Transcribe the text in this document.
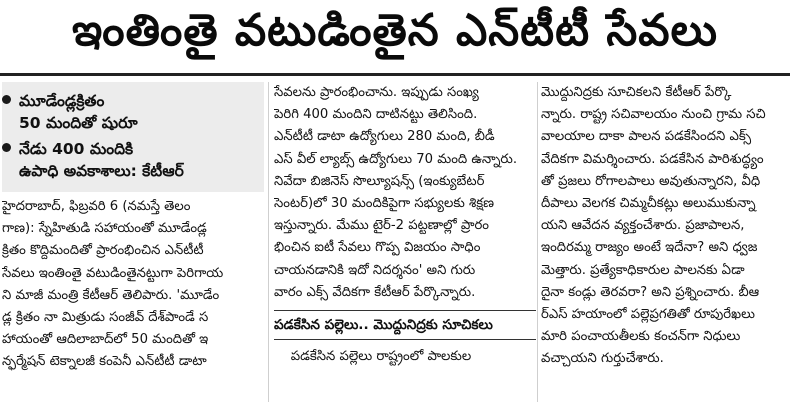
ఇంతింతై వటుడింతైన ఎన్‌టీటీ సేవలు
మూడేండ్లక్రితం
50 మందితో షురూ
నేడు 400 మందికి
ఉపాధి అవకాశాలు: కేటీఆర్
హైదరాబాద్, ఫిబ్రవరి 6 (నమస్తే తెలం
గాణ): స్నేహితుడి సహాయంతో మూడేండ్ల
క్రితం కొద్దిమందితో ప్రారంభించిన ఎన్‌టీటీ
సేవలు ఇంతింతై వటుడింతైనట్టుగా పెరిగాయ
ని మాజీ మంత్రి కేటీఆర్ తెలిపారు. 'మూడేం
డ్ల క్రితం నా మిత్రుడు సంజీవ్ దేశ్‌పాండే స
హాయంతో ఆదిలాబాద్‌లో 50 మందితో ఇ
న్ఫర్మేషన్ టెక్నాలజీ కంపెనీ ఎన్‌టీటీ డాటా
సేవలను ప్రారంభించాను. ఇప్పుడు సంఖ్య
పెరిగి 400 మందిని దాటినట్టు తెలిసింది.
ఎన్‌టీటీ డాటా ఉద్యోగులు 280 మంది, బీడీ
ఎస్‌ వీల్ ల్యాబ్స్ ఉద్యోగులు 70 మంది ఉన్నారు.
నివేదా బిజినెస్ సొల్యూషన్స్ (ఇంక్యుబేటర్
సెంటర్)లో 30 మందికిపైగా సభ్యులకు శిక్షణ
ఇస్తున్నారు. మేము టైర్-2 పట్టణాల్లో ప్రారం
భించిన ఐటీ సేవలు గొప్ప విజయం సాధిం
చాయనడానికి ఇదో నిదర్శనం' అని గురు
వారం ఎక్స్ వేదికగా కేటీఆర్ పేర్కొన్నారు.
పడకేసిన పల్లెలు.. మొద్దునిద్రకు సూచికలు
పడకేసిన పల్లెలు రాష్ట్రంలో పాలకుల
మొద్దునిద్రకు సూచికలని కేటీఆర్ పేర్కొ
న్నారు. రాష్ట్ర సచివాలయం నుంచి గ్రామ సచి
వాలయాల దాకా పాలన పడకేసిందని ఎక్స్
వేదికగా విమర్శించారు. పడకేసిన పారిశుద్ధ్యం
తో ప్రజలు రోగాలపాలు అవుతున్నారని, వీధి
దీపాలు వెలగక చిమ్మచీకట్లు అలుముకున్నా
యని ఆవేదన వ్యక్తంచేశారు. ప్రజాపాలన,
ఇందిరమ్మ రాజ్యం అంటే ఇదేనా? అని ధ్వజ
మెత్తారు. ప్రత్యేకాధికారుల పాలనకు ఏడా
దైనా కండ్లు తెరవరా? అని ప్రశ్నించారు. బీఆ
ర్‌ఎస్ హయాంలో పల్లెప్రగతితో రూపురేఖలు
మారి పంచాయతీలకు కంచన్‌గా నిధులు
వచ్చాయని గుర్తుచేశారు.
